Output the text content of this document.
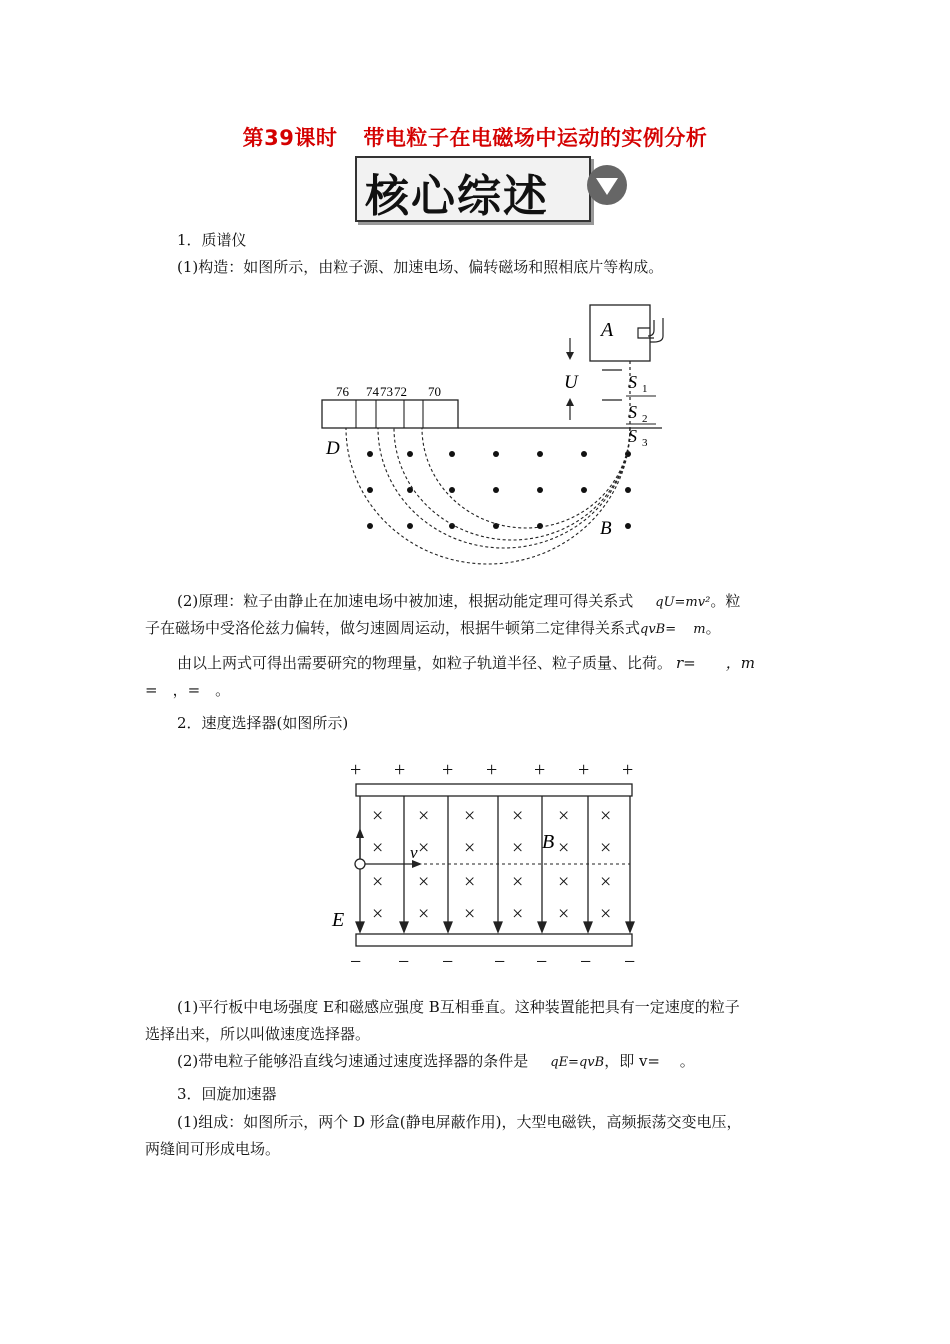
第39课时 带电粒子在电磁场中运动的实例分析
核心综述
1．质谱仪
(1)构造：如图所示，由粒子源、加速电场、偏转磁场和照相底片等构成。
A
U	S 1
S 2
S 3
76 74 73 72 70
D
B
(2)原理：粒子由静止在加速电场中被加速，根据动能定理可得关系式 qU=mv²。粒
子在磁场中受洛伦兹力偏转，做匀速圆周运动，根据牛顿第二定律得关系式qvB=　 m。
由以上两式可得出需要研究的物理量，如粒子轨道半径、粒子质量、比荷。 r=　　，m
=　，=　。
2．速度选择器(如图所示)
+ + + + + + +
× × × × × ×
× × × × × ×
× × × × × ×
× × × × × ×
v	B
E
− − − − − − −
(1)平行板中电场强度 E和磁感应强度 B互相垂直。这种装置能把具有一定速度的粒子
选择出来，所以叫做速度选择器。
(2)带电粒子能够沿直线匀速通过速度选择器的条件是 qE=qvB，即 v=　 。
3．回旋加速器
(1)组成：如图所示，两个 D 形盒(静电屏蔽作用)，大型电磁铁，高频振荡交变电压，
两缝间可形成电场。
